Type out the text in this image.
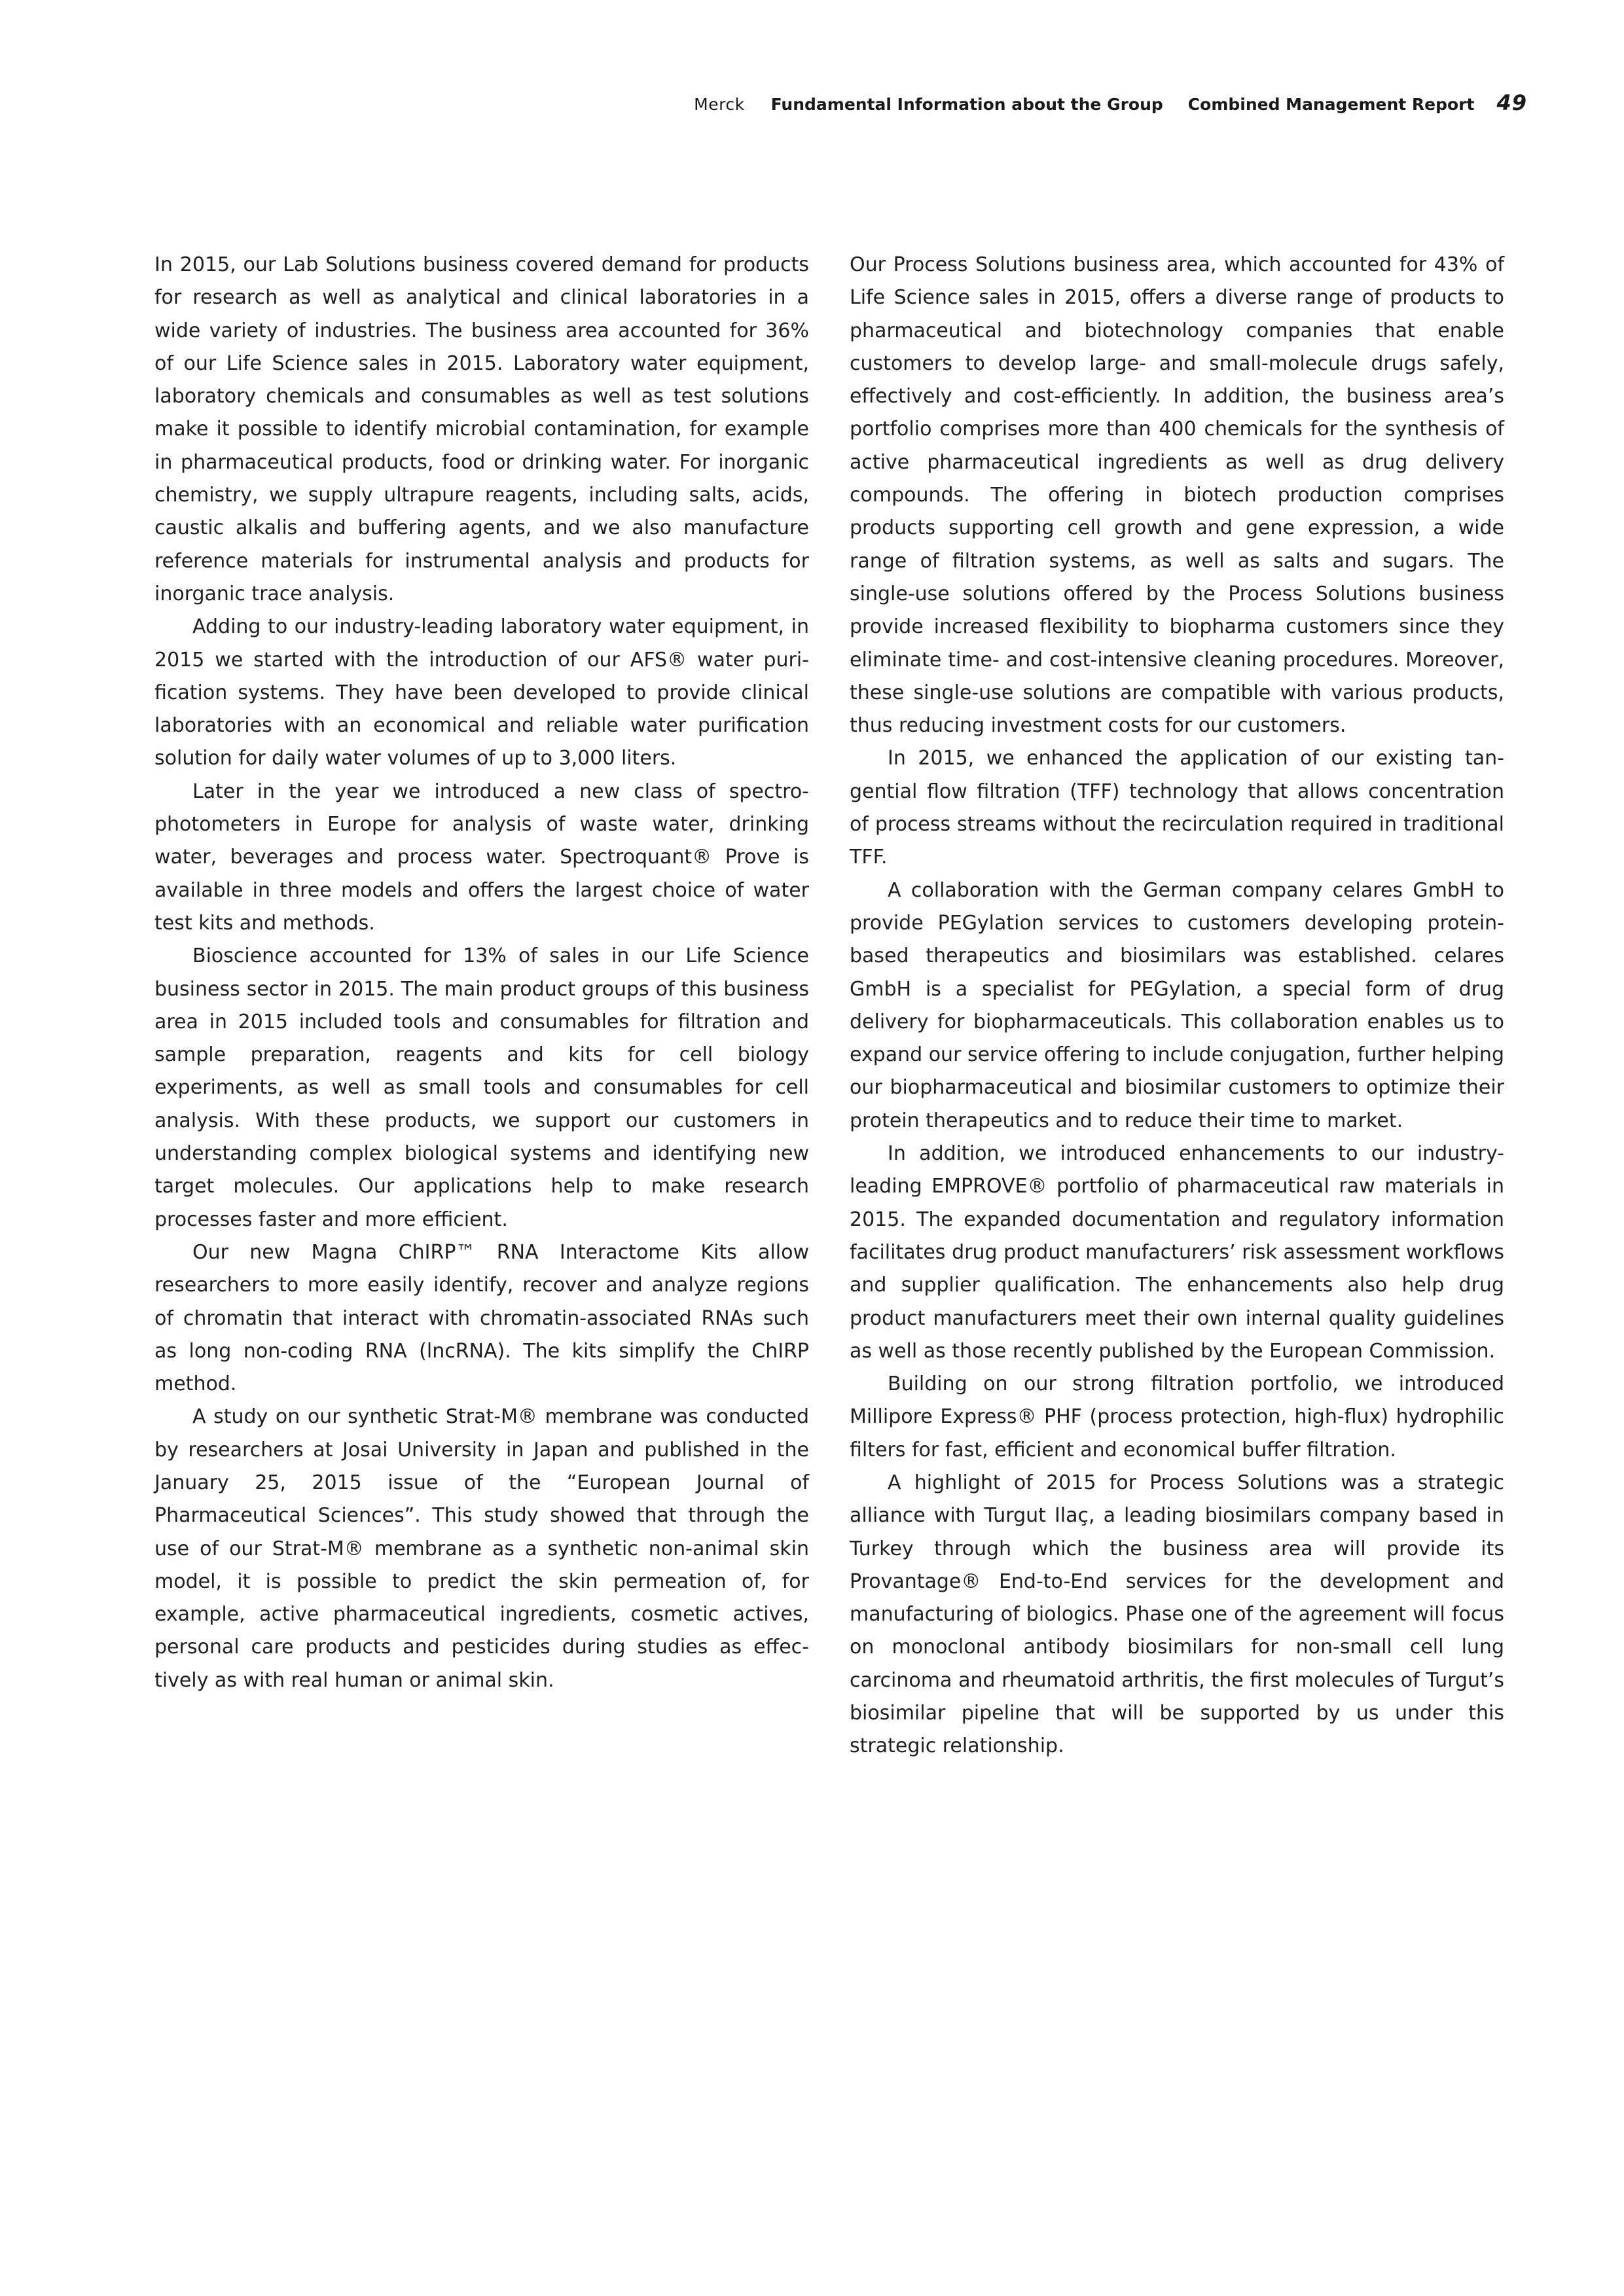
Merck Fundamental Information about the Group Combined Management Report 49

In 2015, our Lab Solutions business covered demand for products for research as well as analytical and clinical laboratories in a wide variety of industries. The business area accounted for 36% of our Life Science sales in 2015. Laboratory water equipment, laboratory chemicals and consumables as well as test solutions make it possible to identify microbial contamination, for example in pharmaceutical products, food or drinking water. For inorganic chemistry, we supply ultrapure reagents, including salts, acids, caustic alkalis and buffering agents, and we also manufacture reference materials for instrumental analysis and products for inorganic trace analysis.

Adding to our industry-leading laboratory water equipment, in 2015 we started with the introduction of our AFS® water purification systems. They have been developed to provide clinical laboratories with an economical and reliable water purification solution for daily water volumes of up to 3,000 liters.

Later in the year we introduced a new class of spectrophotometers in Europe for analysis of waste water, drinking water, beverages and process water. Spectroquant® Prove is available in three models and offers the largest choice of water test kits and methods.

Bioscience accounted for 13% of sales in our Life Science business sector in 2015. The main product groups of this business area in 2015 included tools and consumables for filtration and sample preparation, reagents and kits for cell biology experiments, as well as small tools and consumables for cell analysis. With these products, we support our customers in understanding complex biological systems and identifying new target molecules. Our applications help to make research processes faster and more efficient.

Our new Magna ChIRP™ RNA Interactome Kits allow researchers to more easily identify, recover and analyze regions of chromatin that interact with chromatin-associated RNAs such as long non-coding RNA (lncRNA). The kits simplify the ChIRP method.

A study on our synthetic Strat-M® membrane was conducted by researchers at Josai University in Japan and published in the January 25, 2015 issue of the “European Journal of Pharmaceutical Sciences”. This study showed that through the use of our Strat-M® membrane as a synthetic non-animal skin model, it is possible to predict the skin permeation of, for example, active pharmaceutical ingredients, cosmetic actives, personal care products and pesticides during studies as effectively as with real human or animal skin.

Our Process Solutions business area, which accounted for 43% of Life Science sales in 2015, offers a diverse range of products to pharmaceutical and biotechnology companies that enable customers to develop large- and small-molecule drugs safely, effectively and cost-efficiently. In addition, the business area’s portfolio comprises more than 400 chemicals for the synthesis of active pharmaceutical ingredients as well as drug delivery compounds. The offering in biotech production comprises products supporting cell growth and gene expression, a wide range of filtration systems, as well as salts and sugars. The single-use solutions offered by the Process Solutions business provide increased flexibility to biopharma customers since they eliminate time- and cost-intensive cleaning procedures. Moreover, these single-use solutions are compatible with various products, thus reducing investment costs for our customers.

In 2015, we enhanced the application of our existing tangential flow filtration (TFF) technology that allows concentration of process streams without the recirculation required in traditional TFF.

A collaboration with the German company celares GmbH to provide PEGylation services to customers developing protein-based therapeutics and biosimilars was established. celares GmbH is a specialist for PEGylation, a special form of drug delivery for biopharmaceuticals. This collaboration enables us to expand our service offering to include conjugation, further helping our biopharmaceutical and biosimilar customers to optimize their protein therapeutics and to reduce their time to market.

In addition, we introduced enhancements to our industry-leading EMPROVE® portfolio of pharmaceutical raw materials in 2015. The expanded documentation and regulatory information facilitates drug product manufacturers’ risk assessment workflows and supplier qualification. The enhancements also help drug product manufacturers meet their own internal quality guidelines as well as those recently published by the European Commission.

Building on our strong filtration portfolio, we introduced Millipore Express® PHF (process protection, high-flux) hydrophilic filters for fast, efficient and economical buffer filtration.

A highlight of 2015 for Process Solutions was a strategic alliance with Turgut Ilaç, a leading biosimilars company based in Turkey through which the business area will provide its Provantage® End-to-End services for the development and manufacturing of biologics. Phase one of the agreement will focus on monoclonal antibody biosimilars for non-small cell lung carcinoma and rheumatoid arthritis, the first molecules of Turgut’s biosimilar pipeline that will be supported by us under this strategic relationship.
